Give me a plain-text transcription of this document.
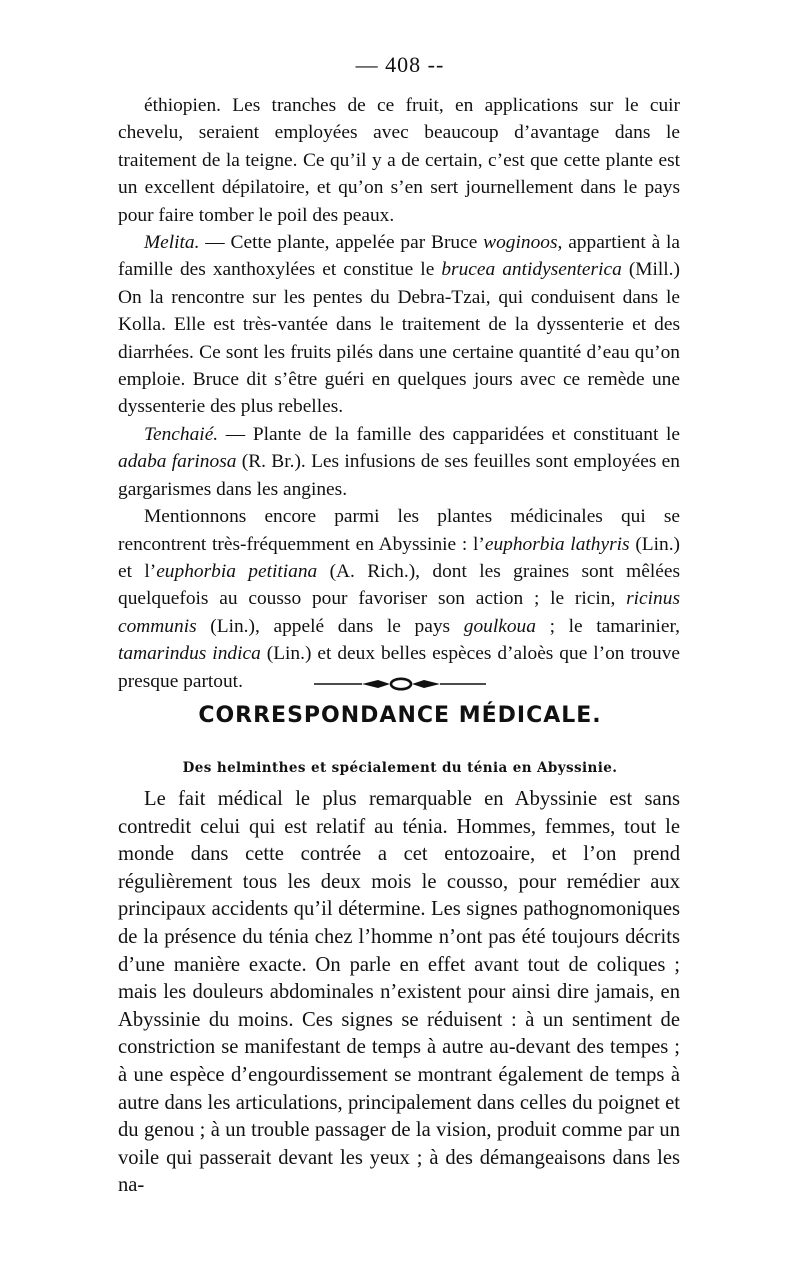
— 408 --

éthiopien. Les tranches de ce fruit, en applications sur le cuir chevelu, seraient employées avec beaucoup d’avantage dans le traitement de la teigne. Ce qu’il y a de certain, c’est que cette plante est un excellent dépilatoire, et qu’on s’en sert journellement dans le pays pour faire tomber le poil des peaux.

Melita. — Cette plante, appelée par Bruce woginoos, appartient à la famille des xanthoxylées et constitue le brucea antidysenterica (Mill.) On la rencontre sur les pentes du Debra-Tzai, qui conduisent dans le Kolla. Elle est très-vantée dans le traitement de la dyssenterie et des diarrhées. Ce sont les fruits pilés dans une certaine quantité d’eau qu’on emploie. Bruce dit s’être guéri en quelques jours avec ce remède une dyssenterie des plus rebelles.

Tenchaié. — Plante de la famille des capparidées et constituant le adaba farinosa (R. Br.). Les infusions de ses feuilles sont employées en gargarismes dans les angines.

Mentionnons encore parmi les plantes médicinales qui se rencontrent très-fréquemment en Abyssinie : l’euphorbia lathyris (Lin.) et l’euphorbia petitiana (A. Rich.), dont les graines sont mêlées quelquefois au cousso pour favoriser son action ; le ricin, ricinus communis (Lin.), appelé dans le pays goulkoua ; le tamarinier, tamarindus indica (Lin.) et deux belles espèces d’aloès que l’on trouve presque partout.

CORRESPONDANCE MÉDICALE.
Des helminthes et spécialement du ténia en Abyssinie.

Le fait médical le plus remarquable en Abyssinie est sans contredit celui qui est relatif au ténia. Hommes, femmes, tout le monde dans cette contrée a cet entozoaire, et l’on prend régulièrement tous les deux mois le cousso, pour remédier aux principaux accidents qu’il détermine. Les signes pathognomoniques de la présence du ténia chez l’homme n’ont pas été toujours décrits d’une manière exacte. On parle en effet avant tout de coliques ; mais les douleurs abdominales n’existent pour ainsi dire jamais, en Abyssinie du moins. Ces signes se réduisent : à un sentiment de constriction se manifestant de temps à autre au-devant des tempes ; à une espèce d’engourdissement se montrant également de temps à autre dans les articulations, principalement dans celles du poignet et du genou ; à un trouble passager de la vision, produit comme par un voile qui passerait devant les yeux ; à des démangeaisons dans les na-
